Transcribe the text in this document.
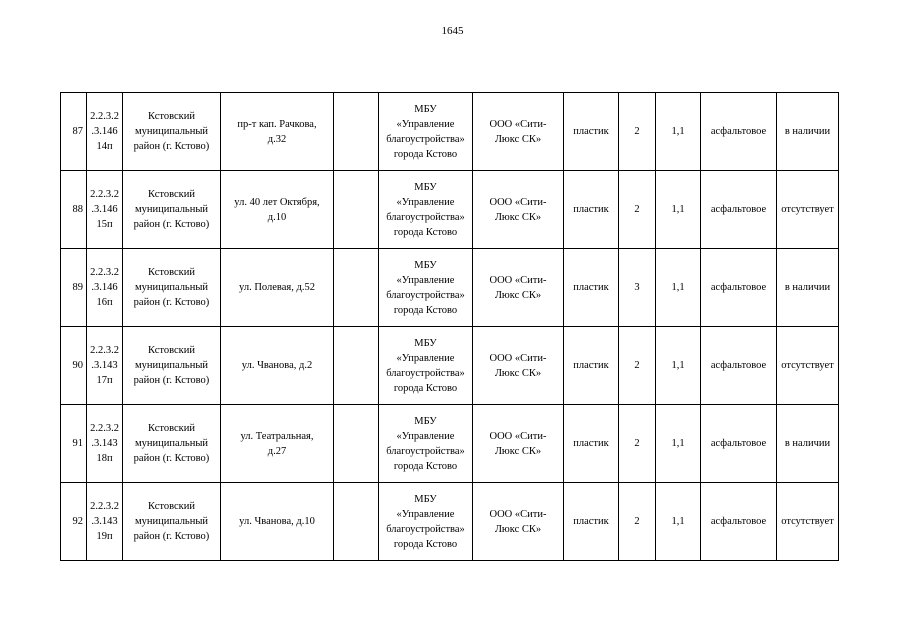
1645
87	2.2.3.2
.3.146
14п	Кстовский
муниципальный
район (г. Кстово)	пр-т кап. Рачкова,
д.32		МБУ
«Управление
благоустройства»
города Кстово	ООО «Сити-
Люкс СК»	пластик	2	1,1	асфальтовое	в наличии
88	2.2.3.2
.3.146
15п	Кстовский
муниципальный
район (г. Кстово)	ул. 40 лет Октября,
д.10		МБУ
«Управление
благоустройства»
города Кстово	ООО «Сити-
Люкс СК»	пластик	2	1,1	асфальтовое	отсутствует
89	2.2.3.2
.3.146
16п	Кстовский
муниципальный
район (г. Кстово)	ул. Полевая, д.52		МБУ
«Управление
благоустройства»
города Кстово	ООО «Сити-
Люкс СК»	пластик	3	1,1	асфальтовое	в наличии
90	2.2.3.2
.3.143
17п	Кстовский
муниципальный
район (г. Кстово)	ул. Чванова, д.2		МБУ
«Управление
благоустройства»
города Кстово	ООО «Сити-
Люкс СК»	пластик	2	1,1	асфальтовое	отсутствует
91	2.2.3.2
.3.143
18п	Кстовский
муниципальный
район (г. Кстово)	ул. Театральная,
д.27		МБУ
«Управление
благоустройства»
города Кстово	ООО «Сити-
Люкс СК»	пластик	2	1,1	асфальтовое	в наличии
92	2.2.3.2
.3.143
19п	Кстовский
муниципальный
район (г. Кстово)	ул. Чванова, д.10		МБУ
«Управление
благоустройства»
города Кстово	ООО «Сити-
Люкс СК»	пластик	2	1,1	асфальтовое	отсутствует
